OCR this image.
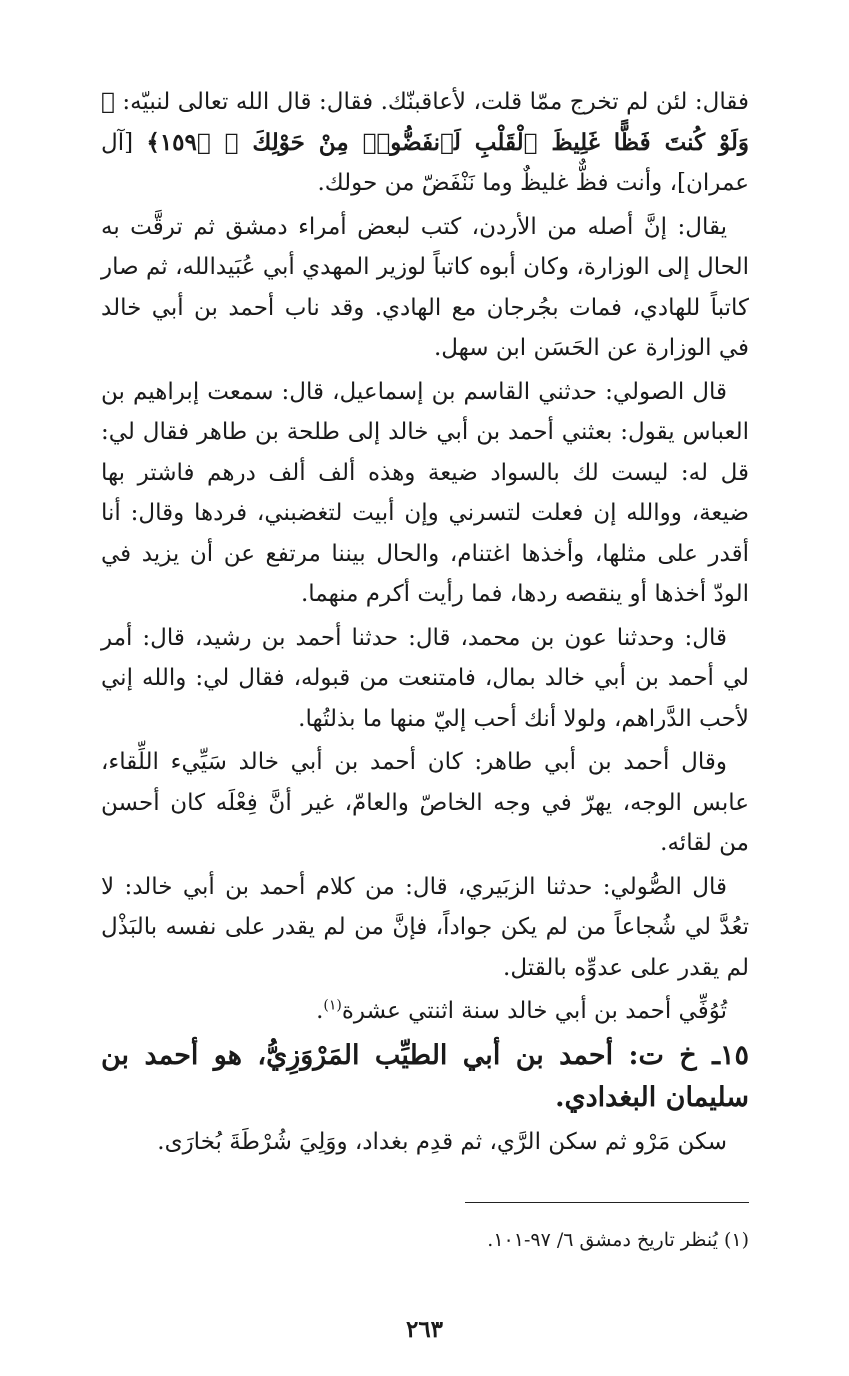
فقال: لئن لم تخرج ممّا قلت، لأعاقبنّك. فقال: قال الله تعالى لنبيّه: ﴿ وَلَوْ كُنتَ فَظًّا غَلِيظَ ٱلْقَلْبِ لَٱنفَضُّوا۟ مِنْ حَوْلِكَ ﴾ ﴿١٥٩﴾ [آل عمران]، وأنت فظٌّ غليظٌ وما نَنْفَضّ من حولك.

يقال: إنَّ أصله من الأردن، كتب لبعض أمراء دمشق ثم ترقَّت به الحال إلى الوزارة، وكان أبوه كاتباً لوزير المهدي أبي عُبَيدالله، ثم صار كاتباً للهادي، فمات بجُرجان مع الهادي. وقد ناب أحمد بن أبي خالد في الوزارة عن الحَسَن ابن سهل.

قال الصولي: حدثني القاسم بن إسماعيل، قال: سمعت إبراهيم بن العباس يقول: بعثني أحمد بن أبي خالد إلى طلحة بن طاهر فقال لي: قل له: ليست لك بالسواد ضيعة وهذه ألف ألف درهم فاشتر بها ضيعة، ووالله إن فعلت لتسرني وإن أبيت لتغضبني، فردها وقال: أنا أقدر على مثلها، وأخذها اغتنام، والحال بيننا مرتفع عن أن يزيد في الودّ أخذها أو ينقصه ردها، فما رأيت أكرم منهما.

قال: وحدثنا عون بن محمد، قال: حدثنا أحمد بن رشيد، قال: أمر لي أحمد بن أبي خالد بمال، فامتنعت من قبوله، فقال لي: والله إني لأحب الدَّراهم، ولولا أنك أحب إليّ منها ما بذلتُها.

وقال أحمد بن أبي طاهر: كان أحمد بن أبي خالد سَيِّيء اللِّقاء، عابس الوجه، يهرّ في وجه الخاصّ والعامّ، غير أنَّ فِعْلَه كان أحسن من لقائه.

قال الصُّولي: حدثنا الزبَيري، قال: من كلام أحمد بن أبي خالد: لا تعُدَّ لي شُجاعاً من لم يكن جواداً، فإنَّ من لم يقدر على نفسه بالبَذْل لم يقدر على عدوِّه بالقتل.

تُوُفِّي أحمد بن أبي خالد سنة اثنتي عشرة$^{(١)}$.

١٥ـ خ ت: أحمد بن أبي الطيِّب المَرْوَزِيُّ، هو أحمد بن سليمان البغدادي.

سكن مَرْو ثم سكن الرَّي، ثم قدِم بغداد، ووَلِيَ شُرْطَةَ بُخارَى.

(١) يُنظر تاريخ دمشق ٦/ ٩٧-١٠١.
٢٦٣
